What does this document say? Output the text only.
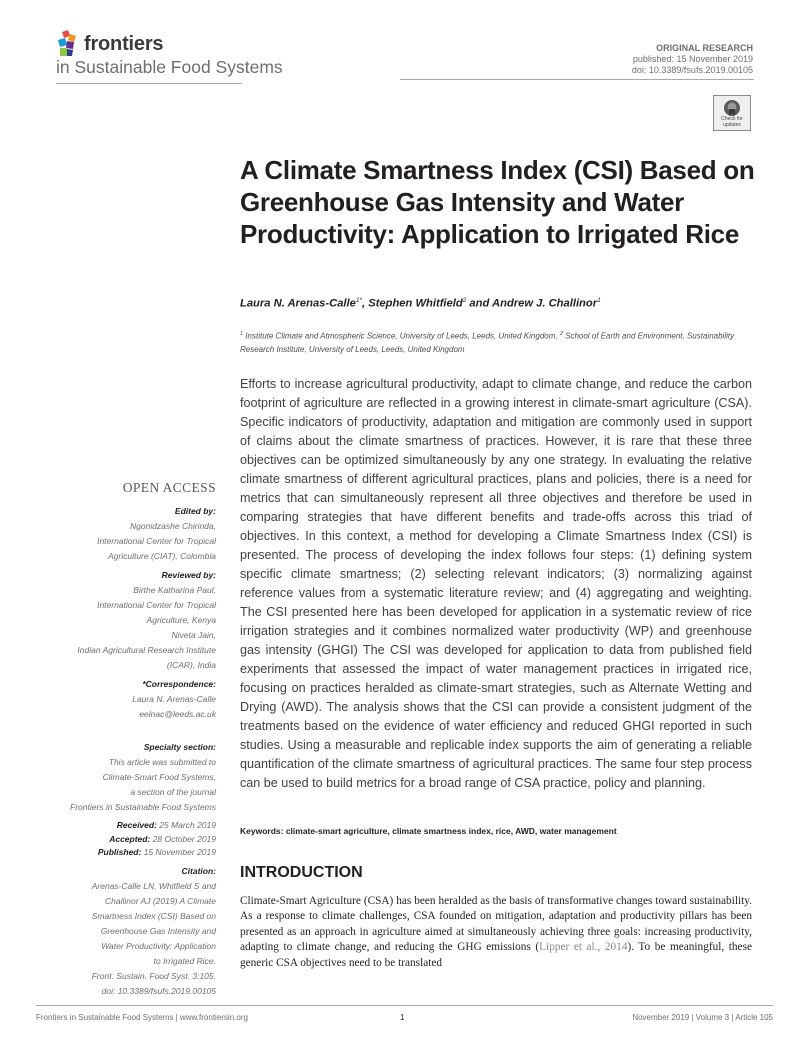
frontiers
in Sustainable Food Systems
ORIGINAL RESEARCH
published: 15 November 2019
doi: 10.3389/fsufs.2019.00105
Check for
updates
A Climate Smartness Index (CSI) Based on Greenhouse Gas Intensity and Water Productivity: Application to Irrigated Rice
Laura N. Arenas-Calle$^{1*}$, Stephen Whitfield$^2$ and Andrew J. Challinor$^1$
$^1$ Institute Climate and Atmospheric Science, University of Leeds, Leeds, United Kingdom, $^2$ School of Earth and Environment, Sustainability Research Institute, University of Leeds, Leeds, United Kingdom
Efforts to increase agricultural productivity, adapt to climate change, and reduce the carbon footprint of agriculture are reflected in a growing interest in climate-smart agriculture (CSA). Specific indicators of productivity, adaptation and mitigation are commonly used in support of claims about the climate smartness of practices. However, it is rare that these three objectives can be optimized simultaneously by any one strategy. In evaluating the relative climate smartness of different agricultural practices, plans and policies, there is a need for metrics that can simultaneously represent all three objectives and therefore be used in comparing strategies that have different benefits and trade-offs across this triad of objectives. In this context, a method for developing a Climate Smartness Index (CSI) is presented. The process of developing the index follows four steps: (1) defining system specific climate smartness; (2) selecting relevant indicators; (3) normalizing against reference values from a systematic literature review; and (4) aggregating and weighting. The CSI presented here has been developed for application in a systematic review of rice irrigation strategies and it combines normalized water productivity (WP) and greenhouse gas intensity (GHGI) The CSI was developed for application to data from published field experiments that assessed the impact of water management practices in irrigated rice, focusing on practices heralded as climate-smart strategies, such as Alternate Wetting and Drying (AWD). The analysis shows that the CSI can provide a consistent judgment of the treatments based on the evidence of water efficiency and reduced GHGI reported in such studies. Using a measurable and replicable index supports the aim of generating a reliable quantification of the climate smartness of agricultural practices. The same four step process can be used to build metrics for a broad range of CSA practice, policy and planning.
Keywords: climate-smart agriculture, climate smartness index, rice, AWD, water management
INTRODUCTION
Climate-Smart Agriculture (CSA) has been heralded as the basis of transformative changes toward sustainability. As a response to climate challenges, CSA founded on mitigation, adaptation and productivity pillars has been presented as an approach in agriculture aimed at simultaneously achieving three goals: increasing productivity, adapting to climate change, and reducing the GHG emissions (Lipper et al., 2014). To be meaningful, these generic CSA objectives need to be translated
OPEN ACCESS
Edited by:
Ngonidzashe Chirinda,
International Center for Tropical
Agriculture (CIAT), Colombia
Reviewed by:
Birthe Katharina Paul,
International Center for Tropical
Agriculture, Kenya
Niveta Jain,
Indian Agricultural Research Institute
(ICAR), India
*Correspondence:
Laura N. Arenas-Calle
eelnac@leeds.ac.uk
Specialty section:
This article was submitted to
Climate-Smart Food Systems,
a section of the journal
Frontiers in Sustainable Food Systems
Received: 25 March 2019
Accepted: 28 October 2019
Published: 15 November 2019
Citation:
Arenas-Calle LN, Whitfield S and
Challinor AJ (2019) A Climate
Smartness Index (CSI) Based on
Greenhouse Gas Intensity and
Water Productivity: Application
to Irrigated Rice.
Front. Sustain. Food Syst. 3:105.
doi: 10.3389/fsufs.2019.00105
Frontiers in Sustainable Food Systems | www.frontiersin.org	1	November 2019 | Volume 3 | Article 105
